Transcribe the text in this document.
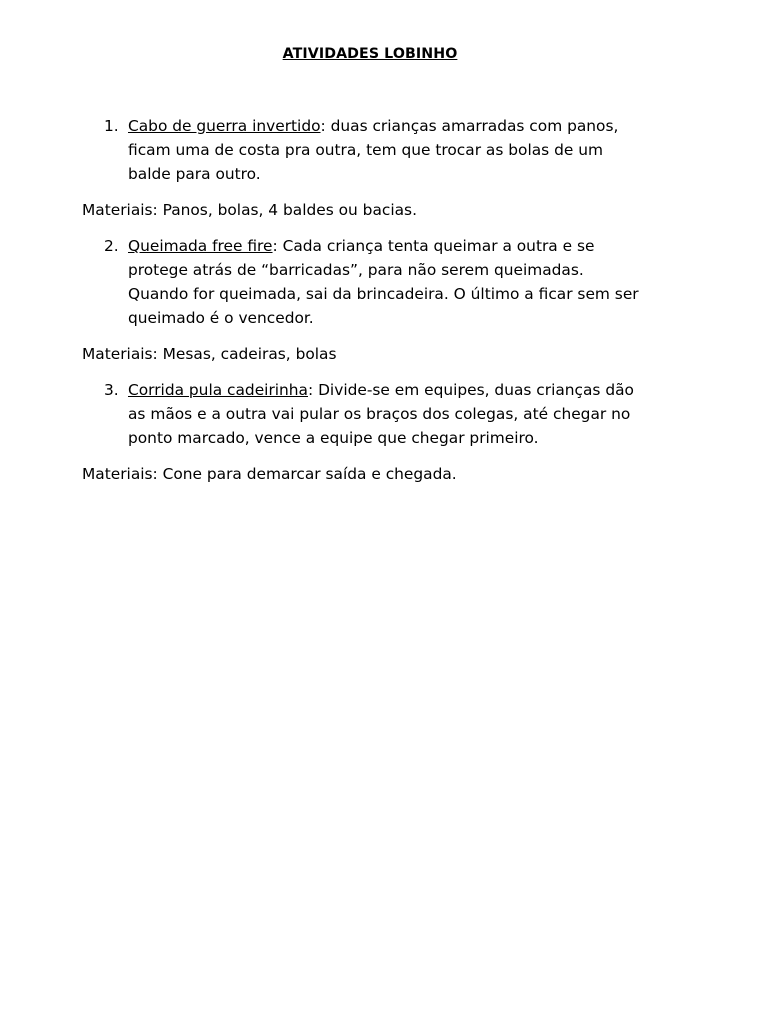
ATIVIDADES LOBINHO
1. Cabo de guerra invertido: duas crianças amarradas com panos, ficam uma de costa pra outra, tem que trocar as bolas de um balde para outro.
Materiais: Panos, bolas, 4 baldes ou bacias.
2. Queimada free fire: Cada criança tenta queimar a outra e se protege atrás de “barricadas”, para não serem queimadas. Quando for queimada, sai da brincadeira. O último a ficar sem ser queimado é o vencedor.
Materiais: Mesas, cadeiras, bolas
3. Corrida pula cadeirinha: Divide-se em equipes, duas crianças dão as mãos e a outra vai pular os braços dos colegas, até chegar no ponto marcado, vence a equipe que chegar primeiro.
Materiais: Cone para demarcar saída e chegada.
